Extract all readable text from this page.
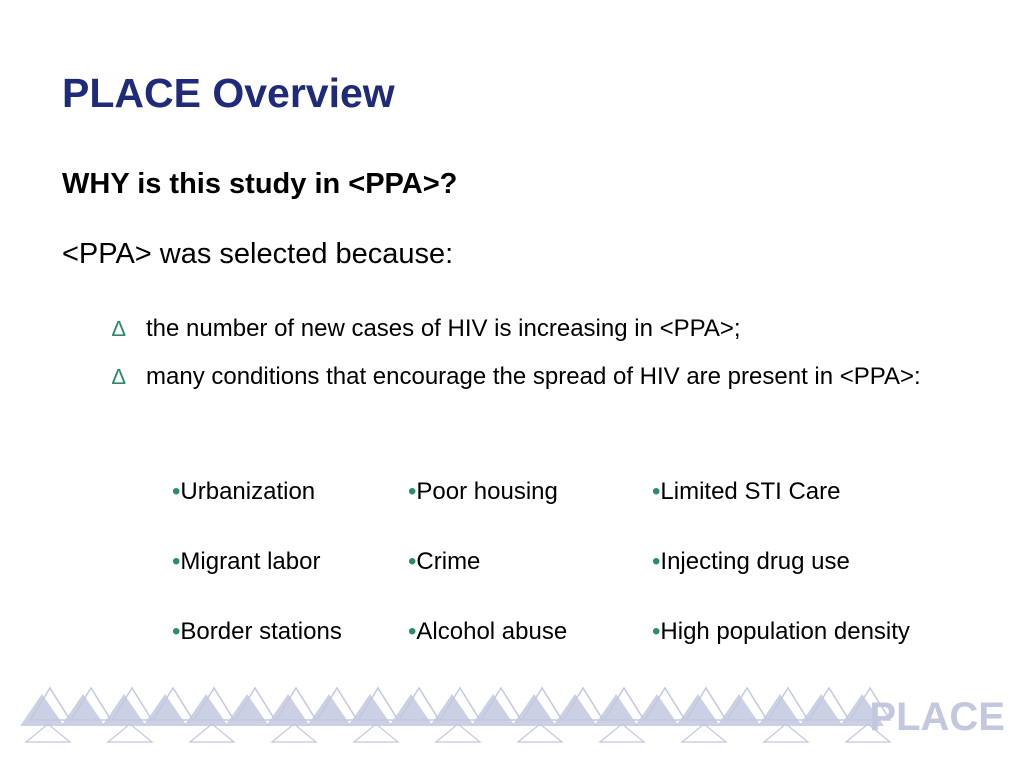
PLACE Overview
WHY is this study in <PPA>?
<PPA> was selected because:
∆ the number of new cases of HIV is increasing in <PPA>;
∆ many conditions that encourage the spread of HIV are present in <PPA>:
•Urbanization	•Poor housing	•Limited STI Care
•Migrant labor	•Crime	•Injecting drug use
•Border stations	•Alcohol abuse	•High population density
PLACE
